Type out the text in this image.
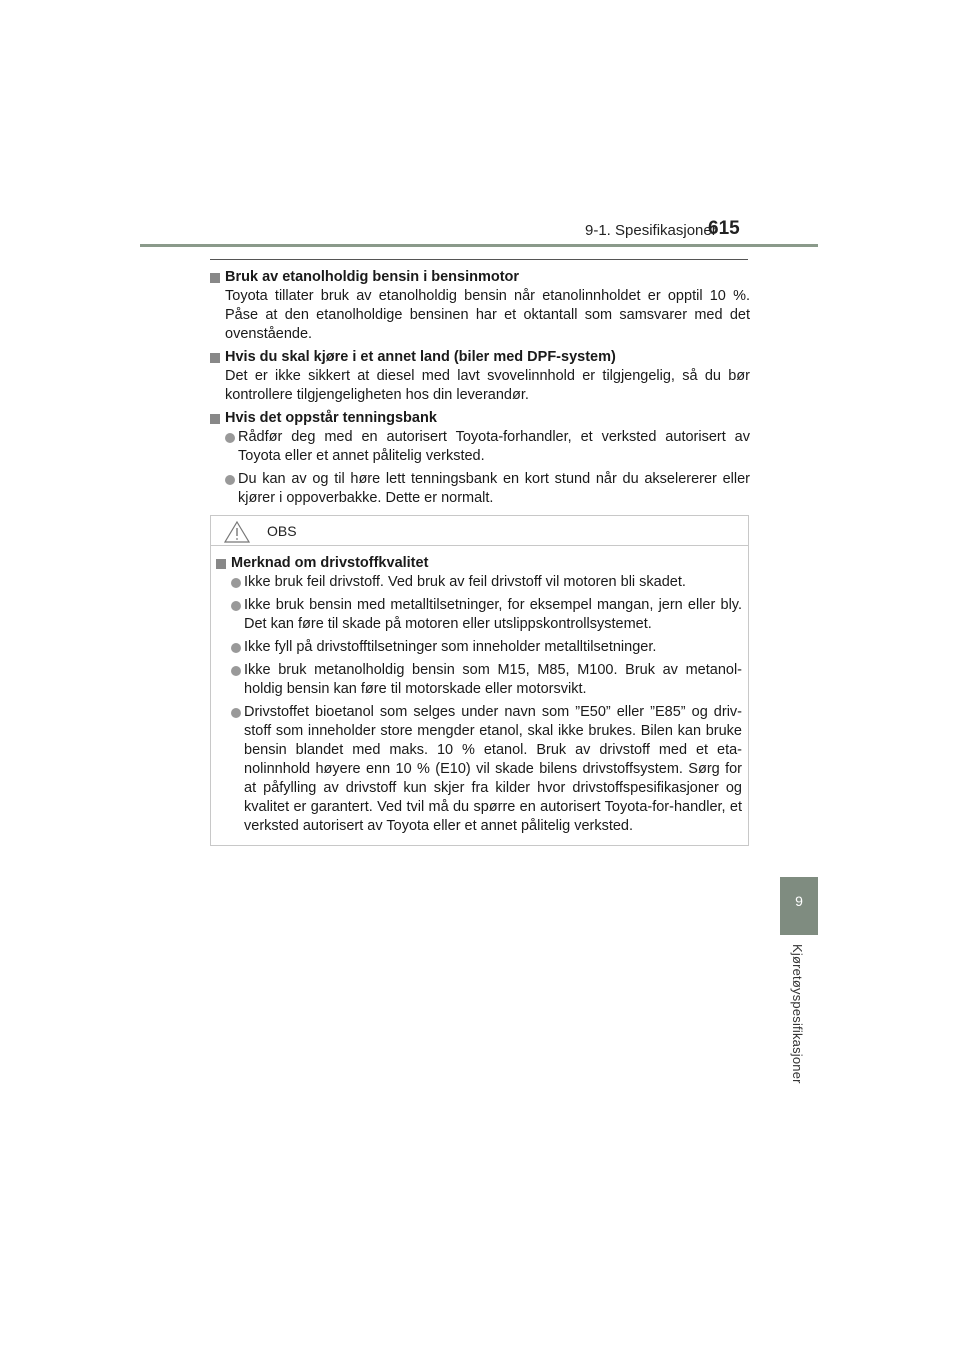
9-1. Spesifikasjoner
615
9
Kjøretøyspesifikasjoner
Bruk av etanolholdig bensin i bensinmotor
Toyota tillater bruk av etanolholdig bensin når etanolinnholdet er opptil 10 %. Påse at den etanolholdige bensinen har et oktantall som samsvarer med det ovenstående.
Hvis du skal kjøre i et annet land (biler med DPF-system)
Det er ikke sikkert at diesel med lavt svovelinnhold er tilgjengelig, så du bør kontrollere tilgjengeligheten hos din leverandør.
Hvis det oppstår tenningsbank
Rådfør deg med en autorisert Toyota-forhandler, et verksted autorisert av Toyota eller et annet pålitelig verksted.
Du kan av og til høre lett tenningsbank en kort stund når du akselererer eller kjører i oppoverbakke. Dette er normalt.
OBS
Merknad om drivstoffkvalitet
Ikke bruk feil drivstoff. Ved bruk av feil drivstoff vil motoren bli skadet.
Ikke bruk bensin med metalltilsetninger, for eksempel mangan, jern eller bly. Det kan føre til skade på motoren eller utslippskontrollsystemet.
Ikke fyll på drivstofftilsetninger som inneholder metalltilsetninger.
Ikke bruk metanolholdig bensin som M15, M85, M100. Bruk av metanol-holdig bensin kan føre til motorskade eller motorsvikt.
Drivstoffet bioetanol som selges under navn som ”E50” eller ”E85” og driv-stoff som inneholder store mengder etanol, skal ikke brukes. Bilen kan bruke bensin blandet med maks. 10 % etanol. Bruk av drivstoff med et eta-nolinnhold høyere enn 10 % (E10) vil skade bilens drivstoffsystem. Sørg for at påfylling av drivstoff kun skjer fra kilder hvor drivstoffspesifikasjoner og kvalitet er garantert. Ved tvil må du spørre en autorisert Toyota-for-handler, et verksted autorisert av Toyota eller et annet pålitelig verksted.
